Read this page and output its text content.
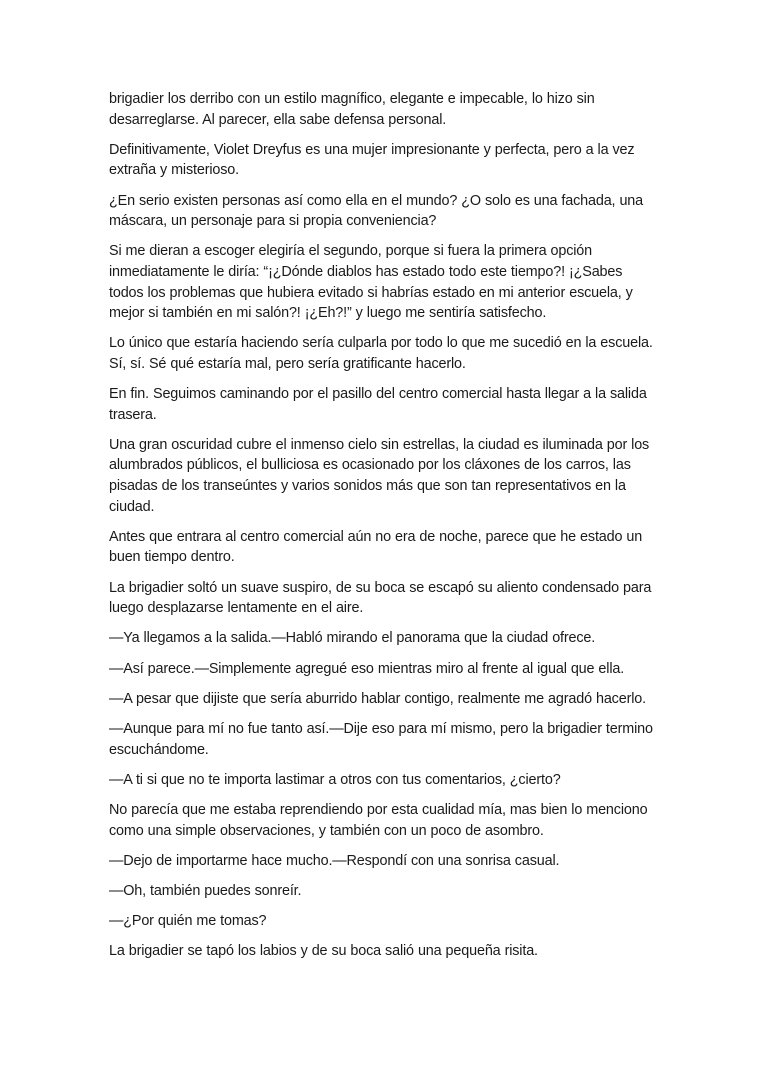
brigadier los derribo con un estilo magnífico, elegante e impecable, lo hizo sin desarreglarse. Al parecer, ella sabe defensa personal.

Definitivamente, Violet Dreyfus es una mujer impresionante y perfecta, pero a la vez extraña y misterioso.

¿En serio existen personas así como ella en el mundo? ¿O solo es una fachada, una máscara, un personaje para si propia conveniencia?

Si me dieran a escoger elegiría el segundo, porque si fuera la primera opción inmediatamente le diría: “¡¿Dónde diablos has estado todo este tiempo?! ¡¿Sabes todos los problemas que hubiera evitado si habrías estado en mi anterior escuela, y mejor si también en mi salón?! ¡¿Eh?!” y luego me sentiría satisfecho.

Lo único que estaría haciendo sería culparla por todo lo que me sucedió en la escuela. Sí, sí. Sé qué estaría mal, pero sería gratificante hacerlo.

En fin. Seguimos caminando por el pasillo del centro comercial hasta llegar a la salida trasera.

Una gran oscuridad cubre el inmenso cielo sin estrellas, la ciudad es iluminada por los alumbrados públicos, el bulliciosa es ocasionado por los cláxones de los carros, las pisadas de los transeúntes y varios sonidos más que son tan representativos en la ciudad.

Antes que entrara al centro comercial aún no era de noche, parece que he estado un buen tiempo dentro.

La brigadier soltó un suave suspiro, de su boca se escapó su aliento condensado para luego desplazarse lentamente en el aire.

—Ya llegamos a la salida.—Habló mirando el panorama que la ciudad ofrece.

—Así parece.—Simplemente agregué eso mientras miro al frente al igual que ella.

—A pesar que dijiste que sería aburrido hablar contigo, realmente me agradó hacerlo.

—Aunque para mí no fue tanto así.—Dije eso para mí mismo, pero la brigadier termino escuchándome.

—A ti si que no te importa lastimar a otros con tus comentarios, ¿cierto?

No parecía que me estaba reprendiendo por esta cualidad mía, mas bien lo menciono como una simple observaciones, y también con un poco de asombro.

—Dejo de importarme hace mucho.—Respondí con una sonrisa casual.

—Oh, también puedes sonreír.

—¿Por quién me tomas?

La brigadier se tapó los labios y de su boca salió una pequeña risita.
